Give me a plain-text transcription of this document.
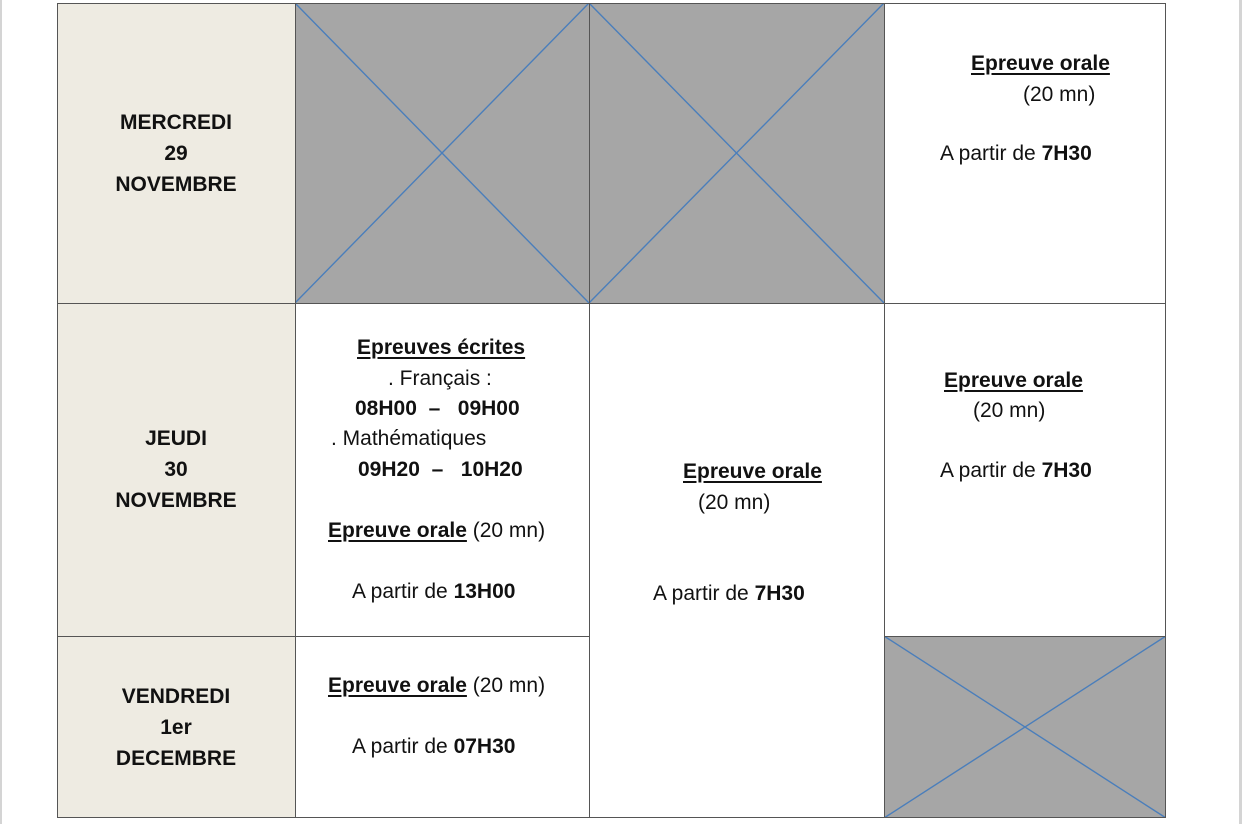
MERCREDI
29
NOVEMBRE
JEUDI
30
NOVEMBRE
VENDREDI
1er
DECEMBRE
Epreuve orale
(20 mn)
A partir de 7H30
Epreuves écrites
. Français :
08H00 – 09H00
. Mathématiques
09H20 – 10H20
Epreuve orale (20 mn)
A partir de 13H00
Epreuve orale
(20 mn)
A partir de 7H30
Epreuve orale
(20 mn)
A partir de 7H30
Epreuve orale (20 mn)
A partir de 07H30
